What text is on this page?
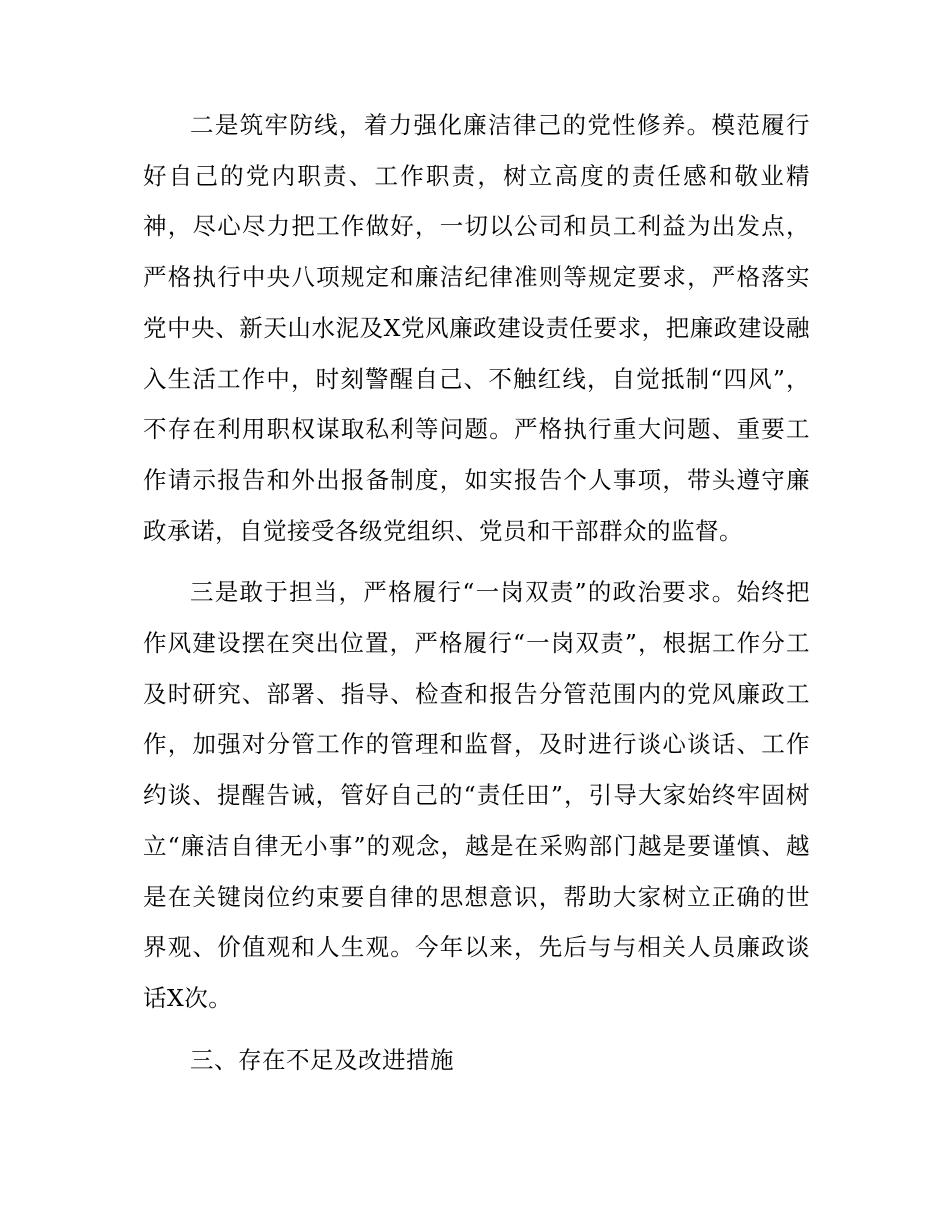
二是筑牢防线，着力强化廉洁律己的党性修养。模范履行好自己的党内职责、工作职责，树立高度的责任感和敬业精神，尽心尽力把工作做好，一切以公司和员工利益为出发点，严格执行中央八项规定和廉洁纪律准则等规定要求，严格落实党中央、新天山水泥及X党风廉政建设责任要求，把廉政建设融入生活工作中，时刻警醒自己、不触红线，自觉抵制“四风”，不存在利用职权谋取私利等问题。严格执行重大问题、重要工作请示报告和外出报备制度，如实报告个人事项，带头遵守廉政承诺，自觉接受各级党组织、党员和干部群众的监督。

三是敢于担当，严格履行“一岗双责”的政治要求。始终把作风建设摆在突出位置，严格履行“一岗双责”，根据工作分工及时研究、部署、指导、检查和报告分管范围内的党风廉政工作，加强对分管工作的管理和监督，及时进行谈心谈话、工作约谈、提醒告诫，管好自己的“责任田”，引导大家始终牢固树立“廉洁自律无小事”的观念，越是在采购部门越是要谨慎、越是在关键岗位约束要自律的思想意识，帮助大家树立正确的世界观、价值观和人生观。今年以来，先后与与相关人员廉政谈话X次。

三、存在不足及改进措施
